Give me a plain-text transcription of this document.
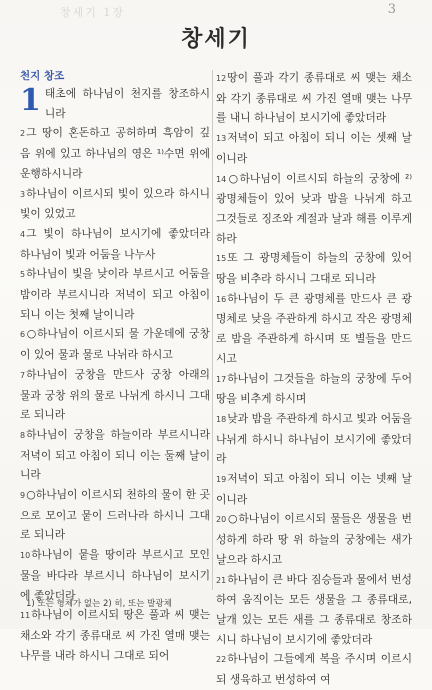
창세기 1장	3
창세기
천지 창조
1 태초에 하나님이 천지를 창조하시니라
2그 땅이 혼돈하고 공허하며 흑암이 깊음 위에 있고 하나님의 영은 ¹⁾수면 위에 운행하시니라
3하나님이 이르시되 빛이 있으라 하시니 빛이 있었고
4그 빛이 하나님이 보시기에 좋았더라 하나님이 빛과 어둠을 나누사
5하나님이 빛을 낮이라 부르시고 어둠을 밤이라 부르시니라 저녁이 되고 아침이 되니 이는 첫째 날이니라
6○하나님이 이르시되 물 가운데에 궁창이 있어 물과 물로 나뉘라 하시고
7하나님이 궁창을 만드사 궁창 아래의 물과 궁창 위의 물로 나뉘게 하시니 그대로 되니라
8하나님이 궁창을 하늘이라 부르시니라 저녁이 되고 아침이 되니 이는 둘째 날이니라
9○하나님이 이르시되 천하의 물이 한 곳으로 모이고 뭍이 드러나라 하시니 그대로 되니라
10하나님이 뭍을 땅이라 부르시고 모인 물을 바다라 부르시니 하나님이 보시기에 좋았더라
11하나님이 이르시되 땅은 풀과 씨 맺는 채소와 각기 종류대로 씨 가진 열매 맺는 나무를 내라 하시니 그대로 되어
12땅이 풀과 각기 종류대로 씨 맺는 채소와 각기 종류대로 씨 가진 열매 맺는 나무를 내니 하나님이 보시기에 좋았더라
13저녁이 되고 아침이 되니 이는 셋째 날이니라
14○하나님이 이르시되 하늘의 궁창에 ²⁾광명체들이 있어 낮과 밤을 나뉘게 하고 그것들로 징조와 계절과 날과 해를 이루게 하라
15또 그 광명체들이 하늘의 궁창에 있어 땅을 비추라 하시니 그대로 되니라
16하나님이 두 큰 광명체를 만드사 큰 광명체로 낮을 주관하게 하시고 작은 광명체로 밤을 주관하게 하시며 또 별들을 만드시고
17하나님이 그것들을 하늘의 궁창에 두어 땅을 비추게 하시며
18낮과 밤을 주관하게 하시고 빛과 어둠을 나뉘게 하시니 하나님이 보시기에 좋았더라
19저녁이 되고 아침이 되니 이는 넷째 날이니라
20○하나님이 이르시되 물들은 생물을 번성하게 하라 땅 위 하늘의 궁창에는 새가 날으라 하시고
21하나님이 큰 바다 짐승들과 물에서 번성하여 움직이는 모든 생물을 그 종류대로, 날개 있는 모든 새를 그 종류대로 창조하시니 하나님이 보시기에 좋았더라
22하나님이 그들에게 복을 주시며 이르시되 생육하고 번성하여 여
1) 또는 형체가 없는 2) 히, 또는 발광체
